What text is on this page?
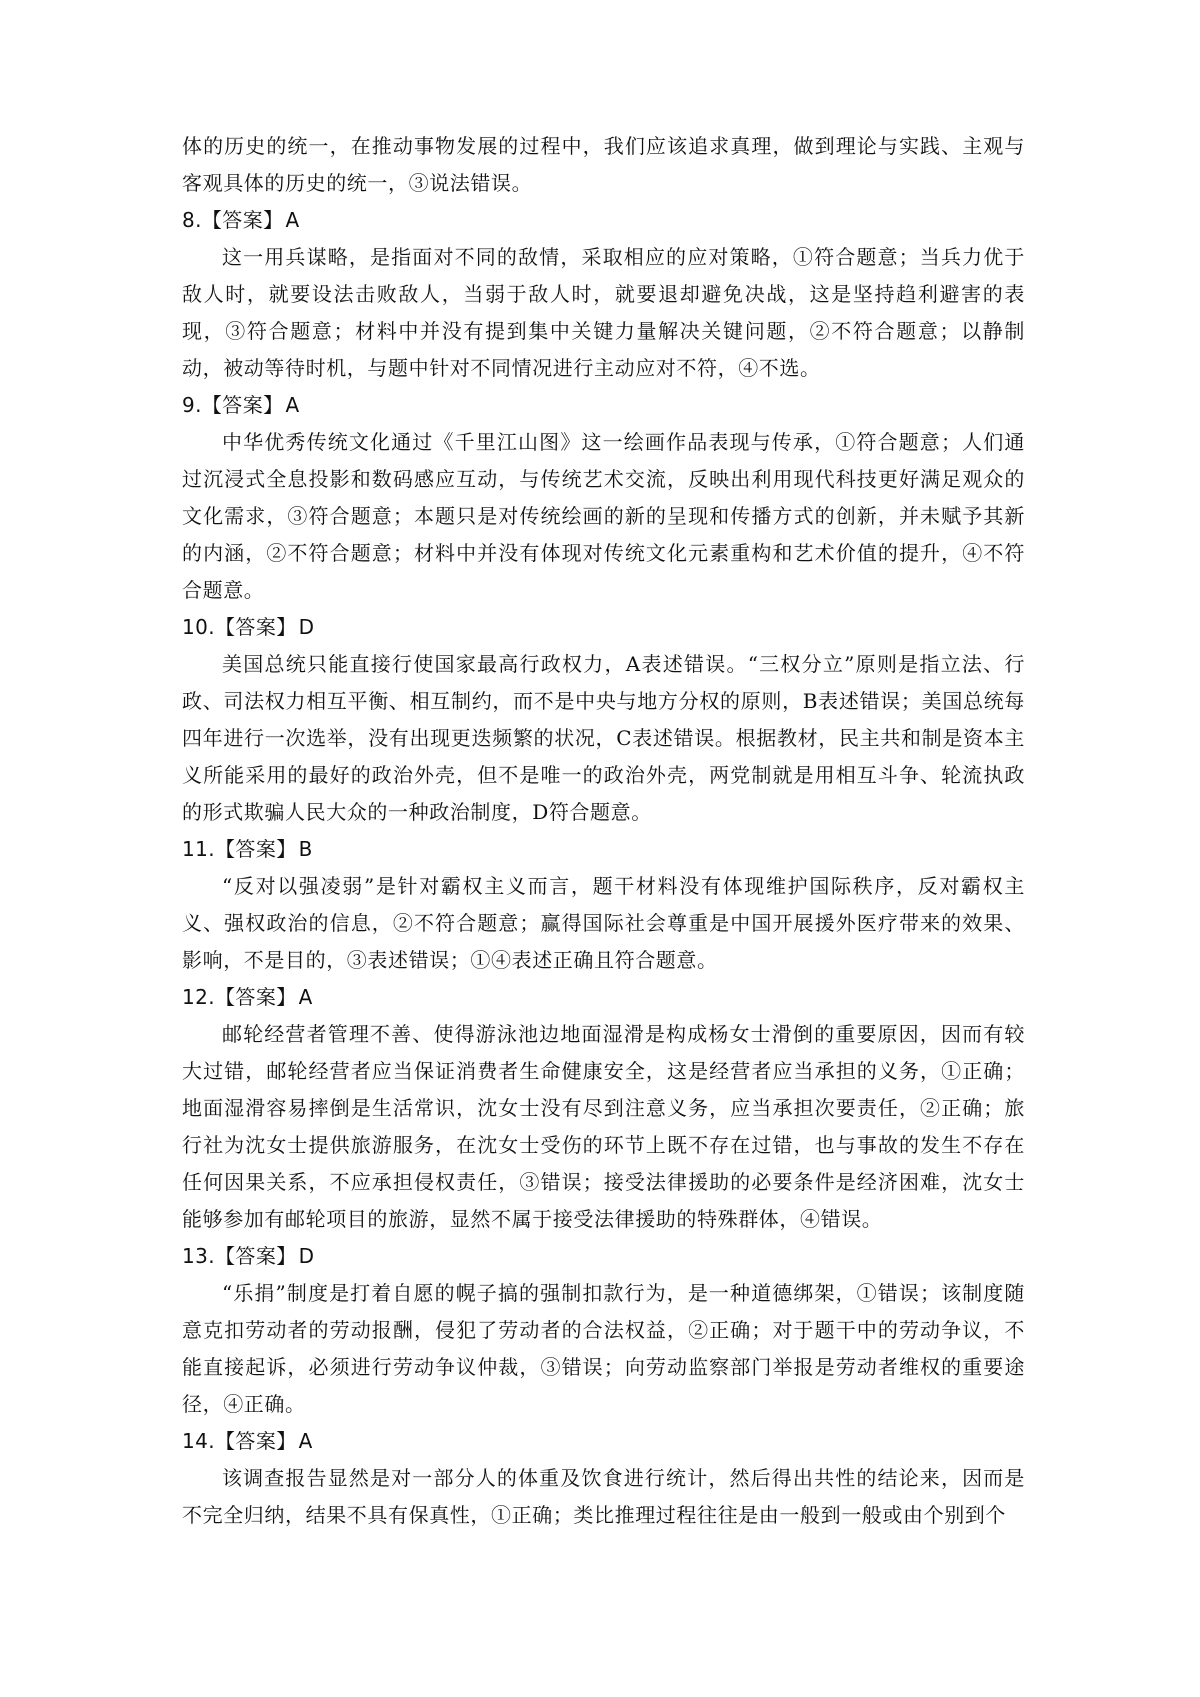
体的历史的统一，在推动事物发展的过程中，我们应该追求真理，做到理论与实践、主观与客观具体的历史的统一，③说法错误。

8.【答案】 A

这一用兵谋略，是指面对不同的敌情，采取相应的应对策略，①符合题意；当兵力优于敌人时，就要设法击败敌人，当弱于敌人时，就要退却避免决战，这是坚持趋利避害的表现，③符合题意；材料中并没有提到集中关键力量解决关键问题，②不符合题意；以静制动，被动等待时机，与题中针对不同情况进行主动应对不符，④不选。

9.【答案】 A

中华优秀传统文化通过《千里江山图》这一绘画作品表现与传承，①符合题意；人们通过沉浸式全息投影和数码感应互动，与传统艺术交流，反映出利用现代科技更好满足观众的文化需求，③符合题意；本题只是对传统绘画的新的呈现和传播方式的创新，并未赋予其新的内涵，②不符合题意；材料中并没有体现对传统文化元素重构和艺术价值的提升，④不符合题意。

10.【答案】 D

美国总统只能直接行使国家最高行政权力，A表述错误。“三权分立”原则是指立法、行政、司法权力相互平衡、相互制约，而不是中央与地方分权的原则，B表述错误；美国总统每四年进行一次选举，没有出现更迭频繁的状况，C表述错误。根据教材，民主共和制是资本主义所能采用的最好的政治外壳，但不是唯一的政治外壳，两党制就是用相互斗争、轮流执政的形式欺骗人民大众的一种政治制度，D符合题意。

11.【答案】 B

“反对以强凌弱”是针对霸权主义而言，题干材料没有体现维护国际秩序，反对霸权主义、强权政治的信息，②不符合题意；赢得国际社会尊重是中国开展援外医疗带来的效果、影响，不是目的，③表述错误；①④表述正确且符合题意。

12.【答案】 A

邮轮经营者管理不善、使得游泳池边地面湿滑是构成杨女士滑倒的重要原因，因而有较大过错，邮轮经营者应当保证消费者生命健康安全，这是经营者应当承担的义务，①正确；地面湿滑容易摔倒是生活常识，沈女士没有尽到注意义务，应当承担次要责任，②正确；旅行社为沈女士提供旅游服务，在沈女士受伤的环节上既不存在过错，也与事故的发生不存在任何因果关系，不应承担侵权责任，③错误；接受法律援助的必要条件是经济困难，沈女士能够参加有邮轮项目的旅游，显然不属于接受法律援助的特殊群体，④错误。

13.【答案】 D

“乐捐”制度是打着自愿的幌子搞的强制扣款行为，是一种道德绑架，①错误；该制度随意克扣劳动者的劳动报酬，侵犯了劳动者的合法权益，②正确；对于题干中的劳动争议，不能直接起诉，必须进行劳动争议仲裁，③错误；向劳动监察部门举报是劳动者维权的重要途径，④正确。

14.【答案】 A

该调查报告显然是对一部分人的体重及饮食进行统计，然后得出共性的结论来，因而是不完全归纳，结果不具有保真性，①正确；类比推理过程往往是由一般到一般或由个别到个
